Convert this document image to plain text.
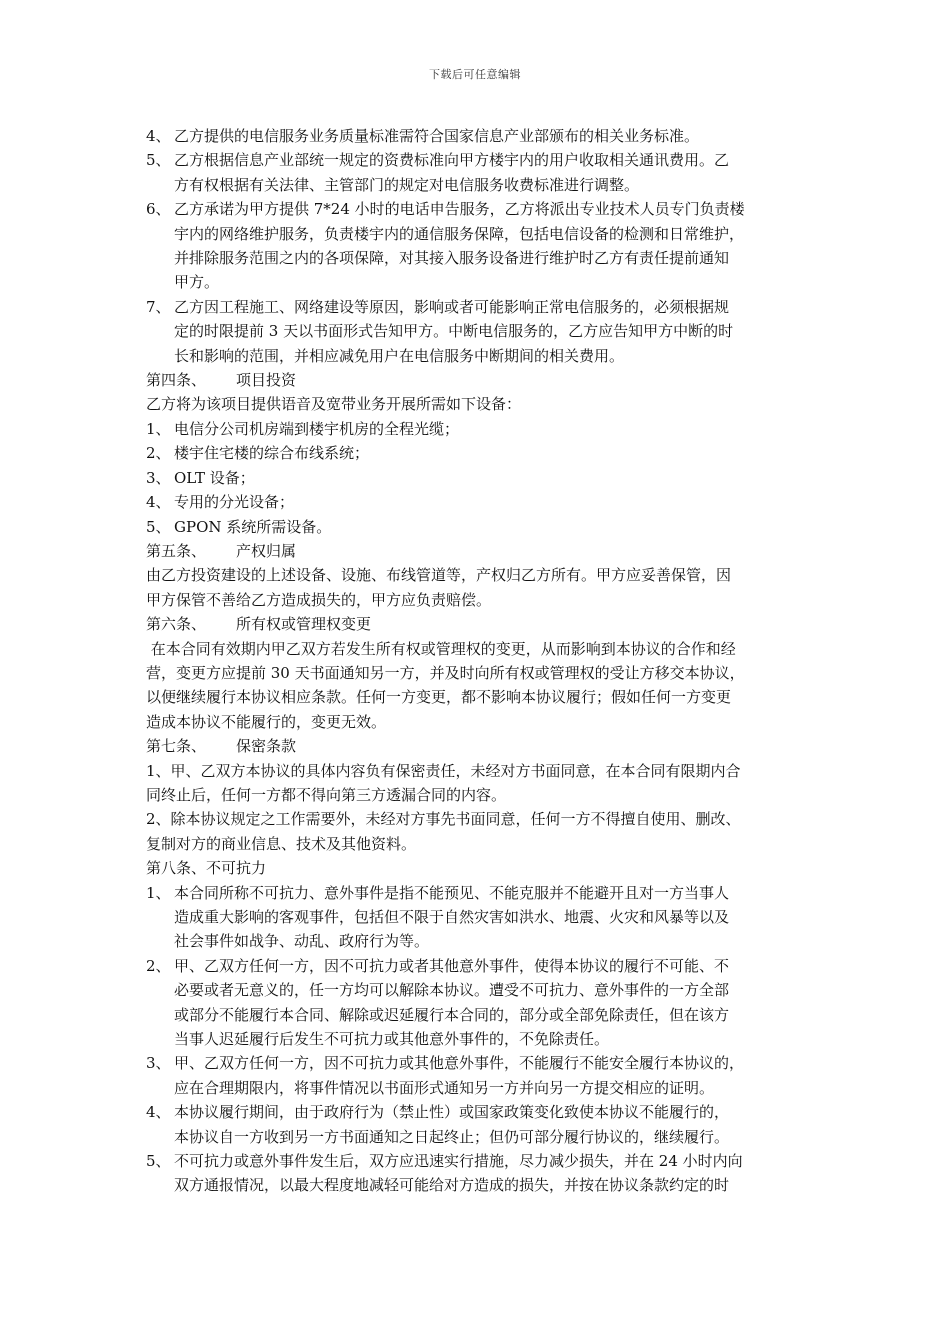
下载后可任意编辑
4、 乙方提供的电信服务业务质量标准需符合国家信息产业部颁布的相关业务标准。
5、 乙方根据信息产业部统一规定的资费标准向甲方楼宇内的用户收取相关通讯费用。乙
方有权根据有关法律、主管部门的规定对电信服务收费标准进行调整。
6、 乙方承诺为甲方提供 7*24 小时的电话申告服务，乙方将派出专业技术人员专门负责楼
宇内的网络维护服务，负责楼宇内的通信服务保障，包括电信设备的检测和日常维护，
并排除服务范围之内的各项保障，对其接入服务设备进行维护时乙方有责任提前通知
甲方。
7、 乙方因工程施工、网络建设等原因，影响或者可能影响正常电信服务的，必须根据规
定的时限提前 3 天以书面形式告知甲方。中断电信服务的，乙方应告知甲方中断的时
长和影响的范围，并相应减免用户在电信服务中断期间的相关费用。
第四条、 项目投资
乙方将为该项目提供语音及宽带业务开展所需如下设备：
1、 电信分公司机房端到楼宇机房的全程光缆；
2、 楼宇住宅楼的综合布线系统；
3、 OLT 设备；
4、 专用的分光设备；
5、 GPON 系统所需设备。
第五条、 产权归属
由乙方投资建设的上述设备、设施、布线管道等，产权归乙方所有。甲方应妥善保管，因
甲方保管不善给乙方造成损失的，甲方应负责赔偿。
第六条、 所有权或管理权变更
在本合同有效期内甲乙双方若发生所有权或管理权的变更，从而影响到本协议的合作和经
营，变更方应提前 30 天书面通知另一方，并及时向所有权或管理权的受让方移交本协议，
以便继续履行本协议相应条款。任何一方变更，都不影响本协议履行；假如任何一方变更
造成本协议不能履行的，变更无效。
第七条、 保密条款
1、甲、乙双方本协议的具体内容负有保密责任，未经对方书面同意，在本合同有限期内合
同终止后，任何一方都不得向第三方透漏合同的内容。
2、除本协议规定之工作需要外，未经对方事先书面同意，任何一方不得擅自使用、删改、
复制对方的商业信息、技术及其他资料。
第八条、不可抗力
1、 本合同所称不可抗力、意外事件是指不能预见、不能克服并不能避开且对一方当事人
造成重大影响的客观事件，包括但不限于自然灾害如洪水、地震、火灾和风暴等以及
社会事件如战争、动乱、政府行为等。
2、 甲、乙双方任何一方，因不可抗力或者其他意外事件，使得本协议的履行不可能、不
必要或者无意义的，任一方均可以解除本协议。遭受不可抗力、意外事件的一方全部
或部分不能履行本合同、解除或迟延履行本合同的，部分或全部免除责任，但在该方
当事人迟延履行后发生不可抗力或其他意外事件的，不免除责任。
3、 甲、乙双方任何一方，因不可抗力或其他意外事件，不能履行不能安全履行本协议的，
应在合理期限内，将事件情况以书面形式通知另一方并向另一方提交相应的证明。
4、 本协议履行期间，由于政府行为（禁止性）或国家政策变化致使本协议不能履行的，
本协议自一方收到另一方书面通知之日起终止；但仍可部分履行协议的，继续履行。
5、 不可抗力或意外事件发生后，双方应迅速实行措施，尽力减少损失，并在 24 小时内向
双方通报情况，以最大程度地减轻可能给对方造成的损失，并按在协议条款约定的时
